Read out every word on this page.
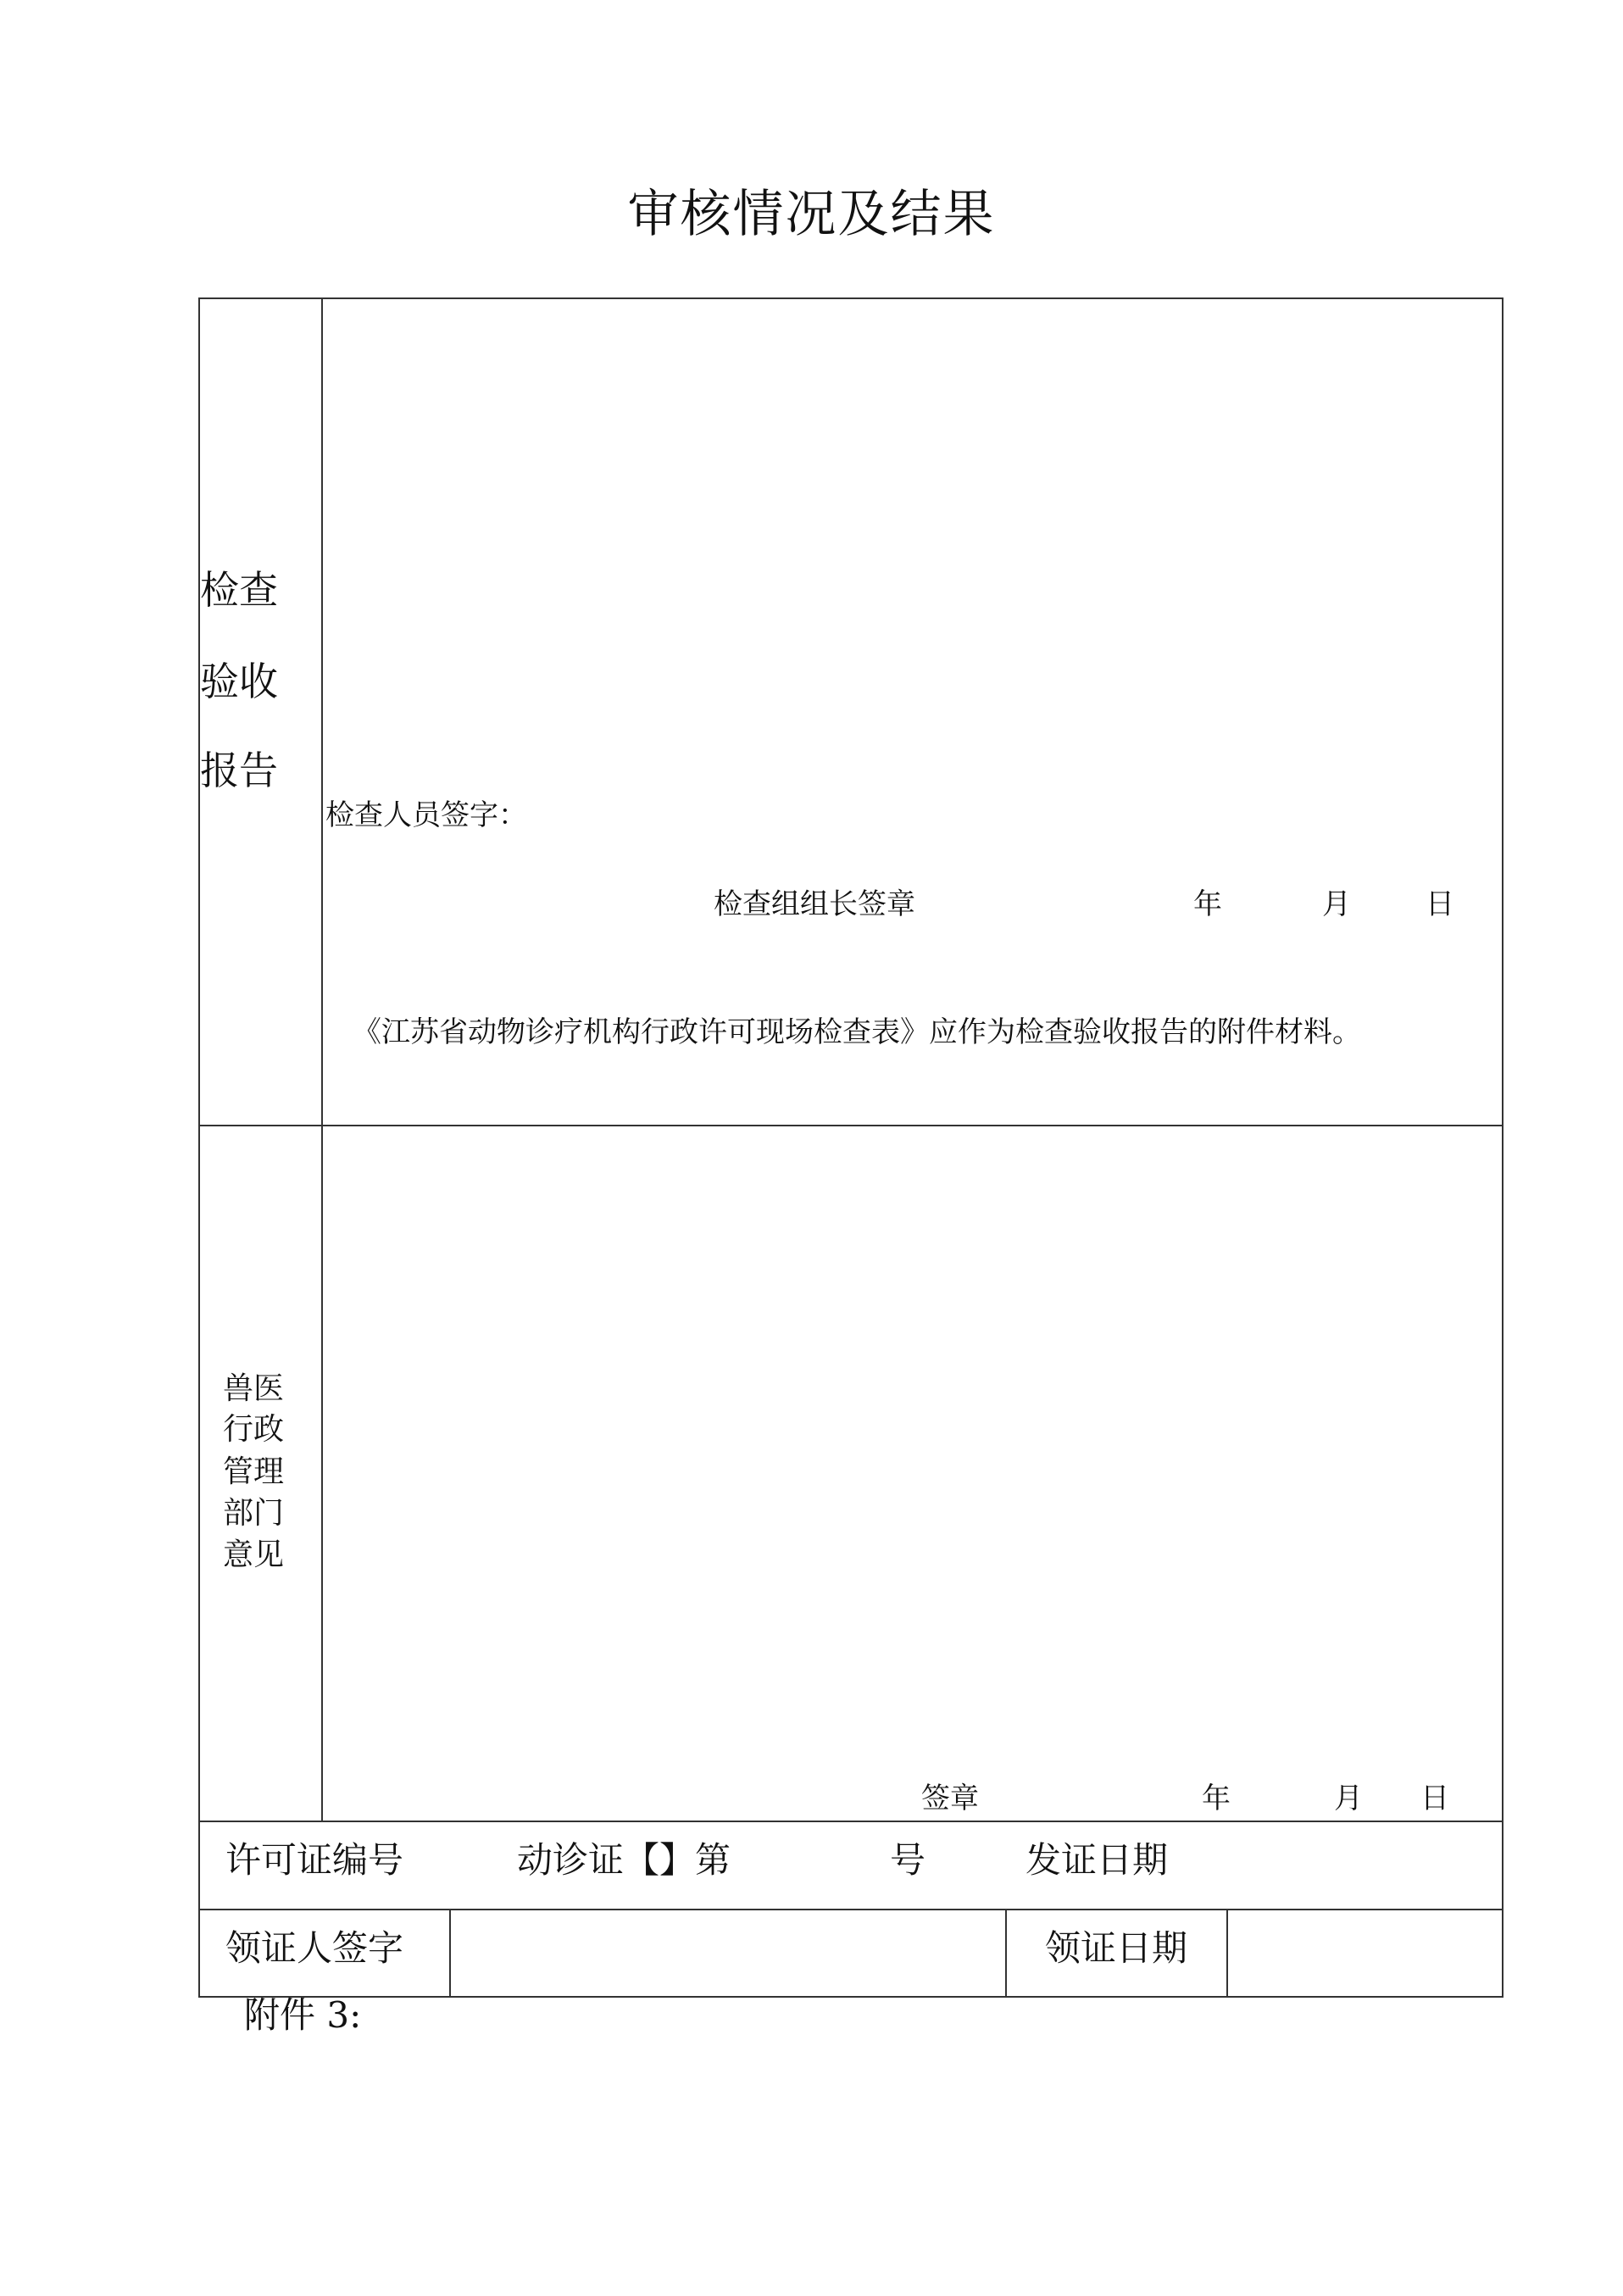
审核情况及结果
检查
验收
报告
检查人员签字：
检查组组长签章	年	月	日
《江苏省动物诊疗机构行政许可现场检查表》应作为检查验收报告的附件材料。
兽医
行政
管理
部门
意见
签章	年	月 日
许可证编号	动诊证【】第	号	发证日期
领证人签字	领证日期
附件 3:
